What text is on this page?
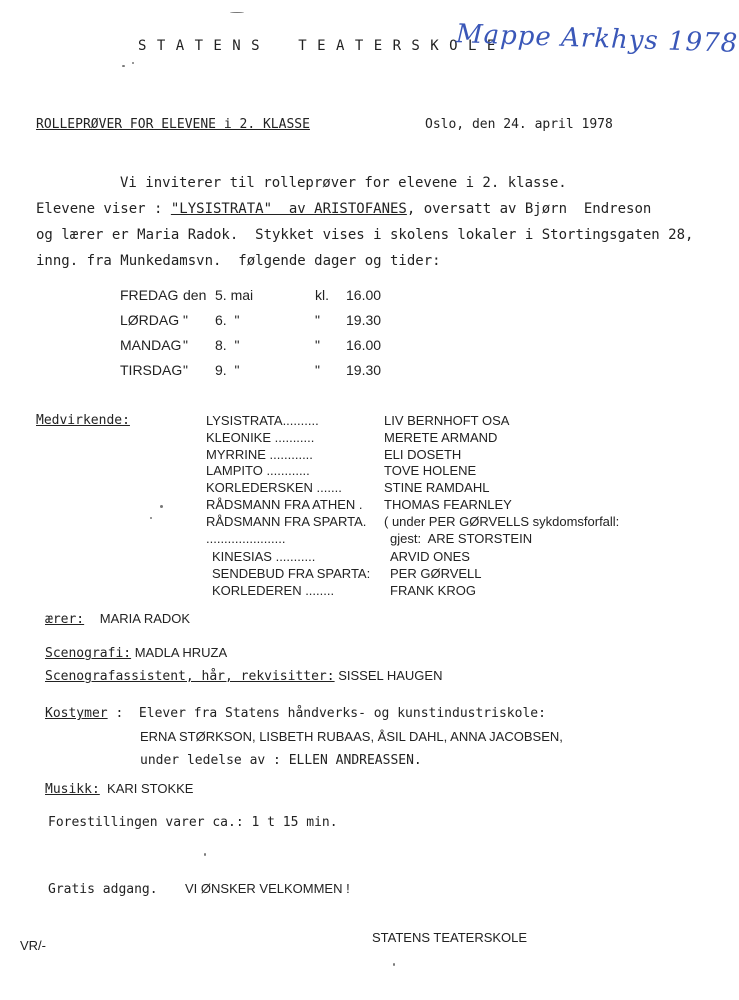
S T A T E N S    T E A T E R S K O L E
Mappe Arkhys 1978
ROLLEPRØVER FOR ELEVENE i 2. KLASSE	Oslo, den 24. april 1978
Vi inviterer til rolleprøver for elevene i 2. klasse.
Elevene viser : "LYSISTRATA"  av ARISTOFANES, oversatt av Bjørn  Endreson
og lærer er Maria Radok.  Stykket vises i skolens lokaler i Stortingsgaten 28,
inng. fra Munkedamsvn.  følgende dager og tider:
FREDAG den 5. mai	kl. 16.00
LØRDAG " 6.  "	" 19.30
MANDAG " 8.  "	" 16.00
TIRSDAG " 9.  "	" 19.30
Medvirkende:	LYSISTRATA..........	LIV BERNHOFT OSA
KLEONIKE ...........	MERETE ARMAND
MYRRINE ............	ELI DOSETH
LAMPITO ............	TOVE HOLENE
KORLEDERSKEN .......	STINE RAMDAHL
RÅDSMANN FRA ATHEN . THOMAS FEARNLEY
RÅDSMANN FRA SPARTA. ( under PER GØRVELLS sykdomsforfall:
......................	gjest:  ARE STORSTEIN
KINESIAS ...........	ARVID ONES
SENDEBUD FRA SPARTA: PER GØRVELL
KORLEDEREN ........	FRANK KROG
ærer: MARIA RADOK
Scenografi: MADLA HRUZA
Scenografassistent, hår, rekvisitter: SISSEL HAUGEN
Kostymer :  Elever fra Statens håndverks- og kunstindustriskole:
ERNA STØRKSON, LISBETH RUBAAS, ÅSIL DAHL, ANNA JACOBSEN,
under ledelse av : ELLEN ANDREASSEN.
Musikk:  KARI STOKKE
Forestillingen varer ca.: 1 t 15 min.
Gratis adgang. VI ØNSKER VELKOMMEN !
STATENS TEATERSKOLE
VR/-
